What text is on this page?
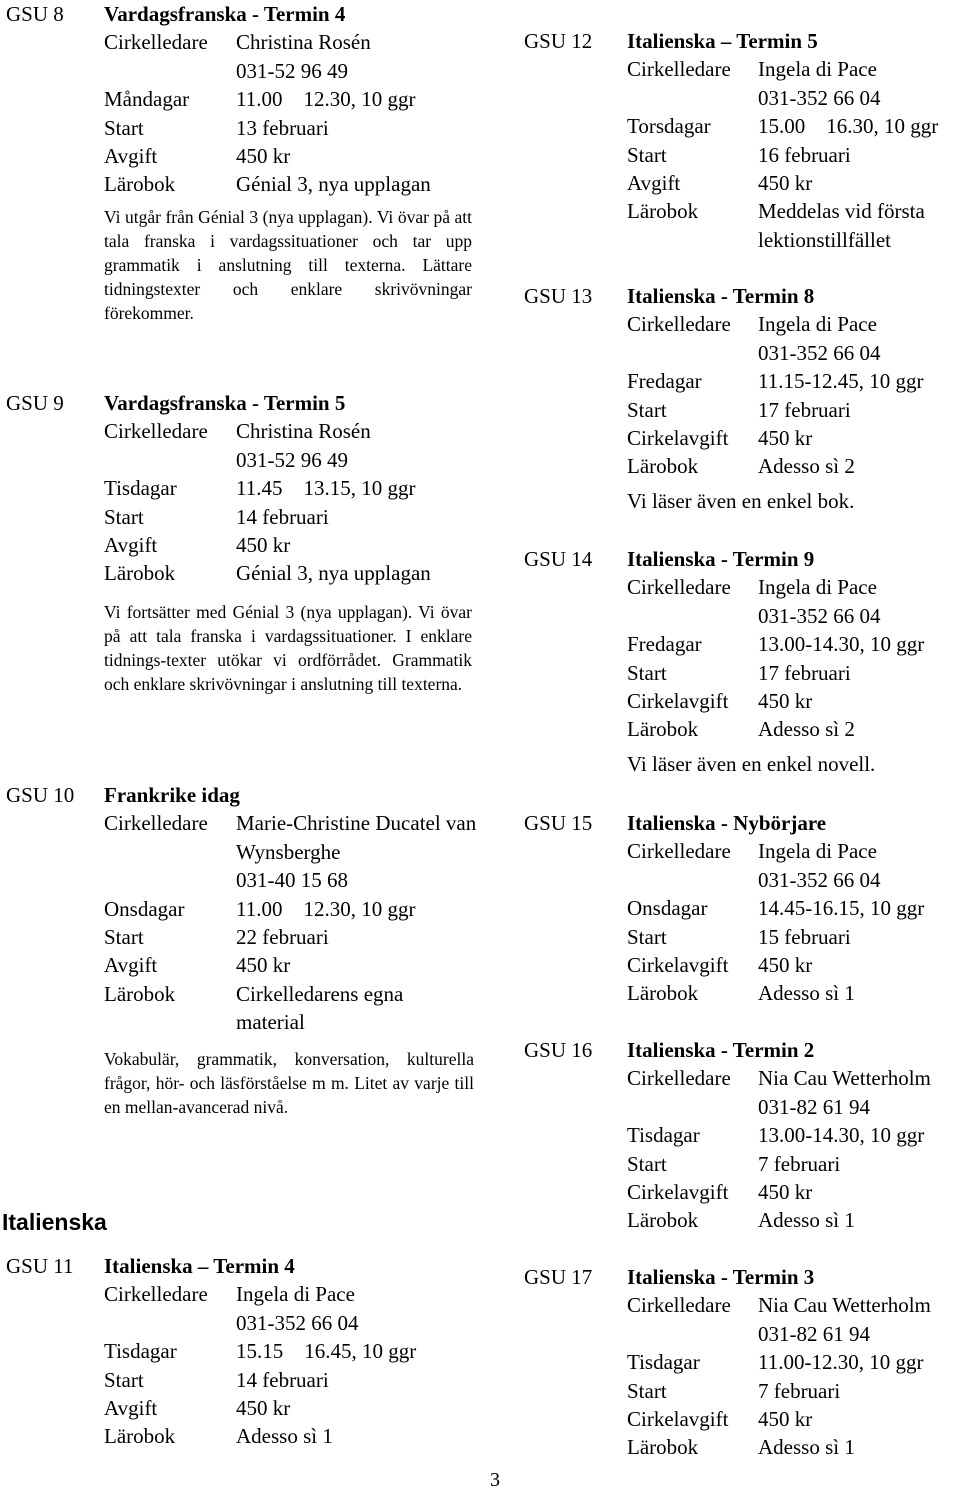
GSU 8 Vardagsfranska - Termin 4
Cirkelledare Christina Rosén
031-52 96 49
Måndagar 11.00 12.30, 10 ggr
Start	13 februari
Avgift	450 kr
Lärobok	Génial 3, nya upplagan
Vi utgår från Génial 3 (nya upplagan). Vi övar på att tala franska i vardagssituationer och tar upp grammatik i anslutning till texterna. Lättare tidningstexter och enklare skrivövningar förekommer.
GSU 9 Vardagsfranska - Termin 5
Cirkelledare Christina Rosén
031-52 96 49
Tisdagar	11.45 13.15, 10 ggr
Start	14 februari
Avgift	450 kr
Lärobok	Génial 3, nya upplagan
Vi fortsätter med Génial 3 (nya upplagan). Vi övar på att tala franska i vardagssituationer. I enklare tidnings-texter utökar vi ordförrådet. Grammatik och enklare skrivövningar i anslutning till texterna.
GSU 10 Frankrike idag
Cirkelledare Marie-Christine Ducatel van Wynsberghe
031-40 15 68
Onsdagar 11.00 12.30, 10 ggr
Start	22 februari
Avgift	450 kr
Lärobok	Cirkelledarens egna material
Vokabulär, grammatik, konversation, kulturella frågor, hör- och läsförståelse m m. Litet av varje till en mellan-avancerad nivå.
Italienska
GSU 11 Italienska – Termin 4
Cirkelledare Ingela di Pace
031-352 66 04
Tisdagar	15.15 16.45, 10 ggr
Start	14 februari
Avgift	450 kr
Lärobok	Adesso sì 1
GSU 12 Italienska – Termin 5
Cirkelledare Ingela di Pace
031-352 66 04
Torsdagar 15.00 16.30, 10 ggr
Start	16 februari
Avgift	450 kr
Lärobok	Meddelas vid första lektionstillfället
GSU 13 Italienska - Termin 8
Cirkelledare Ingela di Pace
031-352 66 04
Fredagar	11.15-12.45, 10 ggr
Start	17 februari
Cirkelavgift 450 kr
Lärobok	Adesso sì 2
Vi läser även en enkel bok.
GSU 14 Italienska - Termin 9
Cirkelledare Ingela di Pace
031-352 66 04
Fredagar	13.00-14.30, 10 ggr
Start	17 februari
Cirkelavgift 450 kr
Lärobok	Adesso sì 2
Vi läser även en enkel novell.
GSU 15 Italienska - Nybörjare
Cirkelledare Ingela di Pace
031-352 66 04
Onsdagar 14.45-16.15, 10 ggr
Start	15 februari
Cirkelavgift 450 kr
Lärobok	Adesso sì 1
GSU 16 Italienska - Termin 2
Cirkelledare Nia Cau Wetterholm
031-82 61 94
Tisdagar	13.00-14.30, 10 ggr
Start	7 februari
Cirkelavgift 450 kr
Lärobok	Adesso sì 1
GSU 17 Italienska - Termin 3
Cirkelledare Nia Cau Wetterholm
031-82 61 94
Tisdagar	11.00-12.30, 10 ggr
Start	7 februari
Cirkelavgift 450 kr
Lärobok	Adesso sì 1
3
